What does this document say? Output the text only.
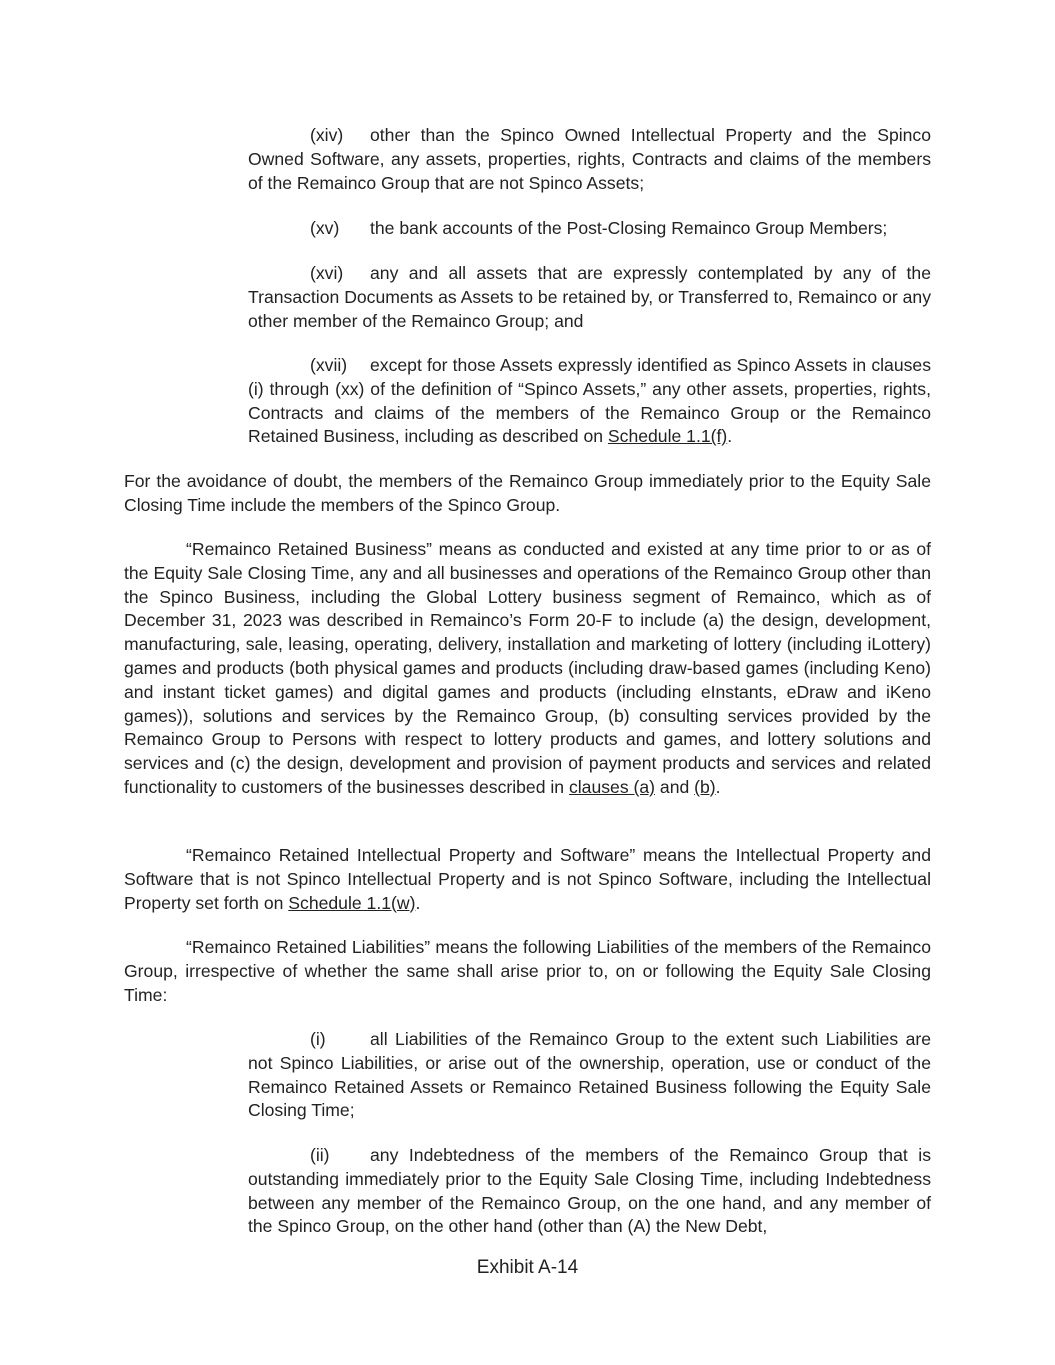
(xiv) other than the Spinco Owned Intellectual Property and the Spinco Owned Software, any assets, properties, rights, Contracts and claims of the members of the Remainco Group that are not Spinco Assets;

(xv) the bank accounts of the Post-Closing Remainco Group Members;

(xvi) any and all assets that are expressly contemplated by any of the Transaction Documents as Assets to be retained by, or Transferred to, Remainco or any other member of the Remainco Group; and

(xvii) except for those Assets expressly identified as Spinco Assets in clauses (i) through (xx) of the definition of “Spinco Assets,” any other assets, properties, rights, Contracts and claims of the members of the Remainco Group or the Remainco Retained Business, including as described on Schedule 1.1(f).

For the avoidance of doubt, the members of the Remainco Group immediately prior to the Equity Sale Closing Time include the members of the Spinco Group.

“Remainco Retained Business” means as conducted and existed at any time prior to or as of the Equity Sale Closing Time, any and all businesses and operations of the Remainco Group other than the Spinco Business, including the Global Lottery business segment of Remainco, which as of December 31, 2023 was described in Remainco’s Form 20-F to include (a) the design, development, manufacturing, sale, leasing, operating, delivery, installation and marketing of lottery (including iLottery) games and products (both physical games and products (including draw-based games (including Keno) and instant ticket games) and digital games and products (including eInstants, eDraw and iKeno games)), solutions and services by the Remainco Group, (b) consulting services provided by the Remainco Group to Persons with respect to lottery products and games, and lottery solutions and services and (c) the design, development and provision of payment products and services and related functionality to customers of the businesses described in clauses (a) and (b).

“Remainco Retained Intellectual Property and Software” means the Intellectual Property and Software that is not Spinco Intellectual Property and is not Spinco Software, including the Intellectual Property set forth on Schedule 1.1(w).

“Remainco Retained Liabilities” means the following Liabilities of the members of the Remainco Group, irrespective of whether the same shall arise prior to, on or following the Equity Sale Closing Time:

(i)	all Liabilities of the Remainco Group to the extent such Liabilities are not Spinco Liabilities, or arise out of the ownership, operation, use or conduct of the Remainco Retained Assets or Remainco Retained Business following the Equity Sale Closing Time;

(ii) any Indebtedness of the members of the Remainco Group that is outstanding immediately prior to the Equity Sale Closing Time, including Indebtedness between any member of the Remainco Group, on the one hand, and any member of the Spinco Group, on the other hand (other than (A) the New Debt,

Exhibit A-14
